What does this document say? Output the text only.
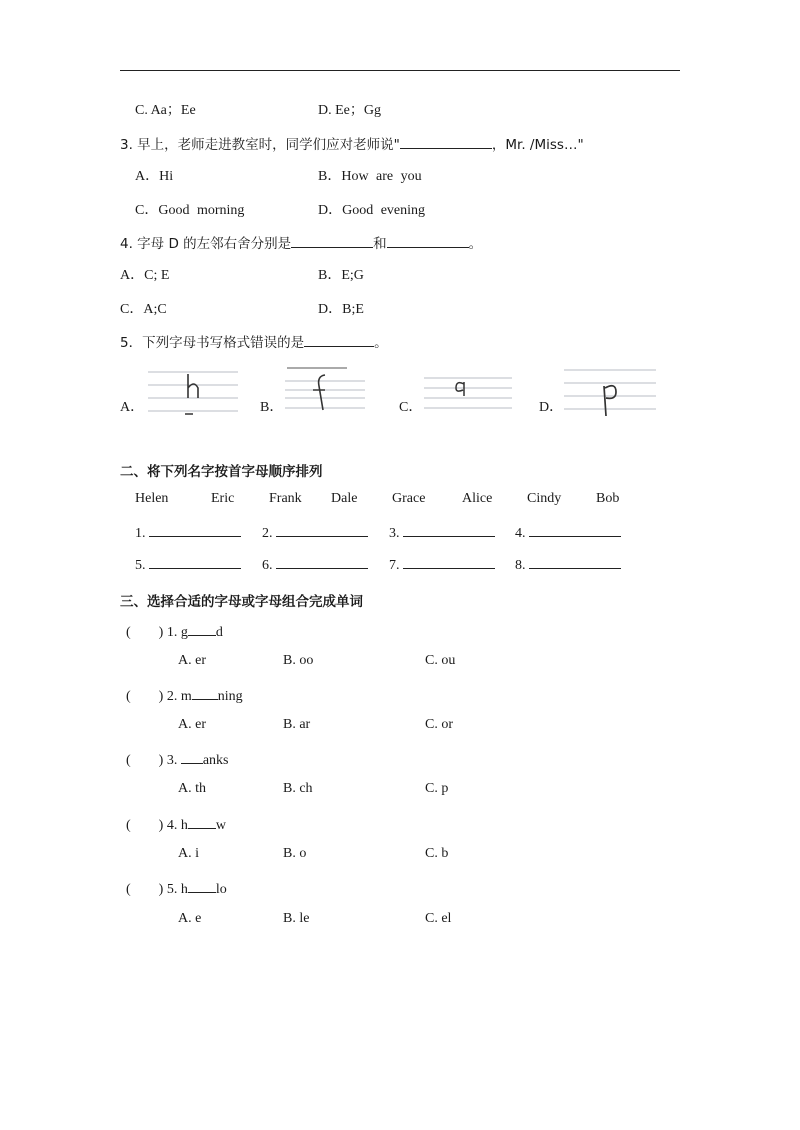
C. Aa；Ee	D. Ee；Gg
3. 早上，老师走进教室时，同学们应对老师说"	，Mr. /Miss…"
A．Hi	B．How are you
C．Good morning	D．Good evening
4. 字母 D 的左邻右舍分别是	和	。
A．C; E	B．E;G
C．A;C	D．B;E
5．下列字母书写格式错误的是	。
A．	B．	C．	D．
二、将下列名字按首字母顺序排列
Helen	Eric Frank Dale Grace	Alice Cindy Bob
1.	2.	3.	4.
5.	6.	7.	8.
三、选择合适的字母或字母组合完成单词
(　　) 1. g d
A. er	B. oo	C. ou
(　　) 2. m ning
A. er	B. ar	C. or
(　　) 3. anks
A. th	B. ch	C. p
(　　) 4. h w
A. i	B. o	C. b
(　　) 5. h lo
A. e	B. le	C. el
